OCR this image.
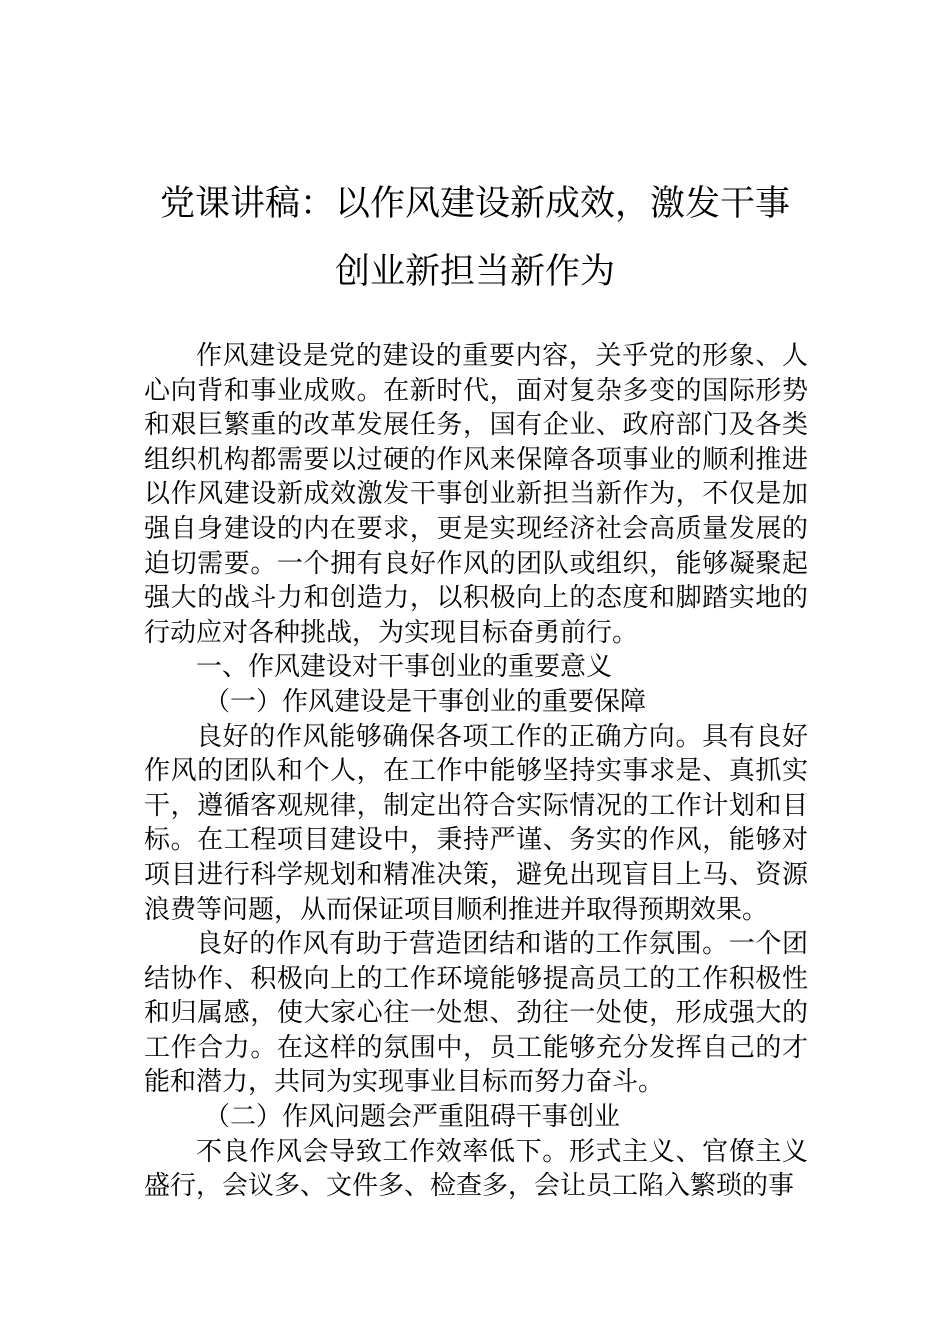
党课讲稿：以作风建设新成效，激发干事
创业新担当新作为

作风建设是党的建设的重要内容，关乎党的形象、人心向背和事业成败。在新时代，面对复杂多变的国际形势和艰巨繁重的改革发展任务，国有企业、政府部门及各类组织机构都需要以过硬的作风来保障各项事业的顺利推进以作风建设新成效激发干事创业新担当新作为，不仅是加强自身建设的内在要求，更是实现经济社会高质量发展的迫切需要。一个拥有良好作风的团队或组织，能够凝聚起强大的战斗力和创造力，以积极向上的态度和脚踏实地的行动应对各种挑战，为实现目标奋勇前行。

一、作风建设对干事创业的重要意义

（一）作风建设是干事创业的重要保障

良好的作风能够确保各项工作的正确方向。具有良好作风的团队和个人，在工作中能够坚持实事求是、真抓实干，遵循客观规律，制定出符合实际情况的工作计划和目标。在工程项目建设中，秉持严谨、务实的作风，能够对项目进行科学规划和精准决策，避免出现盲目上马、资源浪费等问题，从而保证项目顺利推进并取得预期效果。

良好的作风有助于营造团结和谐的工作氛围。一个团结协作、积极向上的工作环境能够提高员工的工作积极性和归属感，使大家心往一处想、劲往一处使，形成强大的工作合力。在这样的氛围中，员工能够充分发挥自己的才能和潜力，共同为实现事业目标而努力奋斗。

（二）作风问题会严重阻碍干事创业

不良作风会导致工作效率低下。形式主义、官僚主义盛行，会议多、文件多、检查多，会让员工陷入繁琐的事
